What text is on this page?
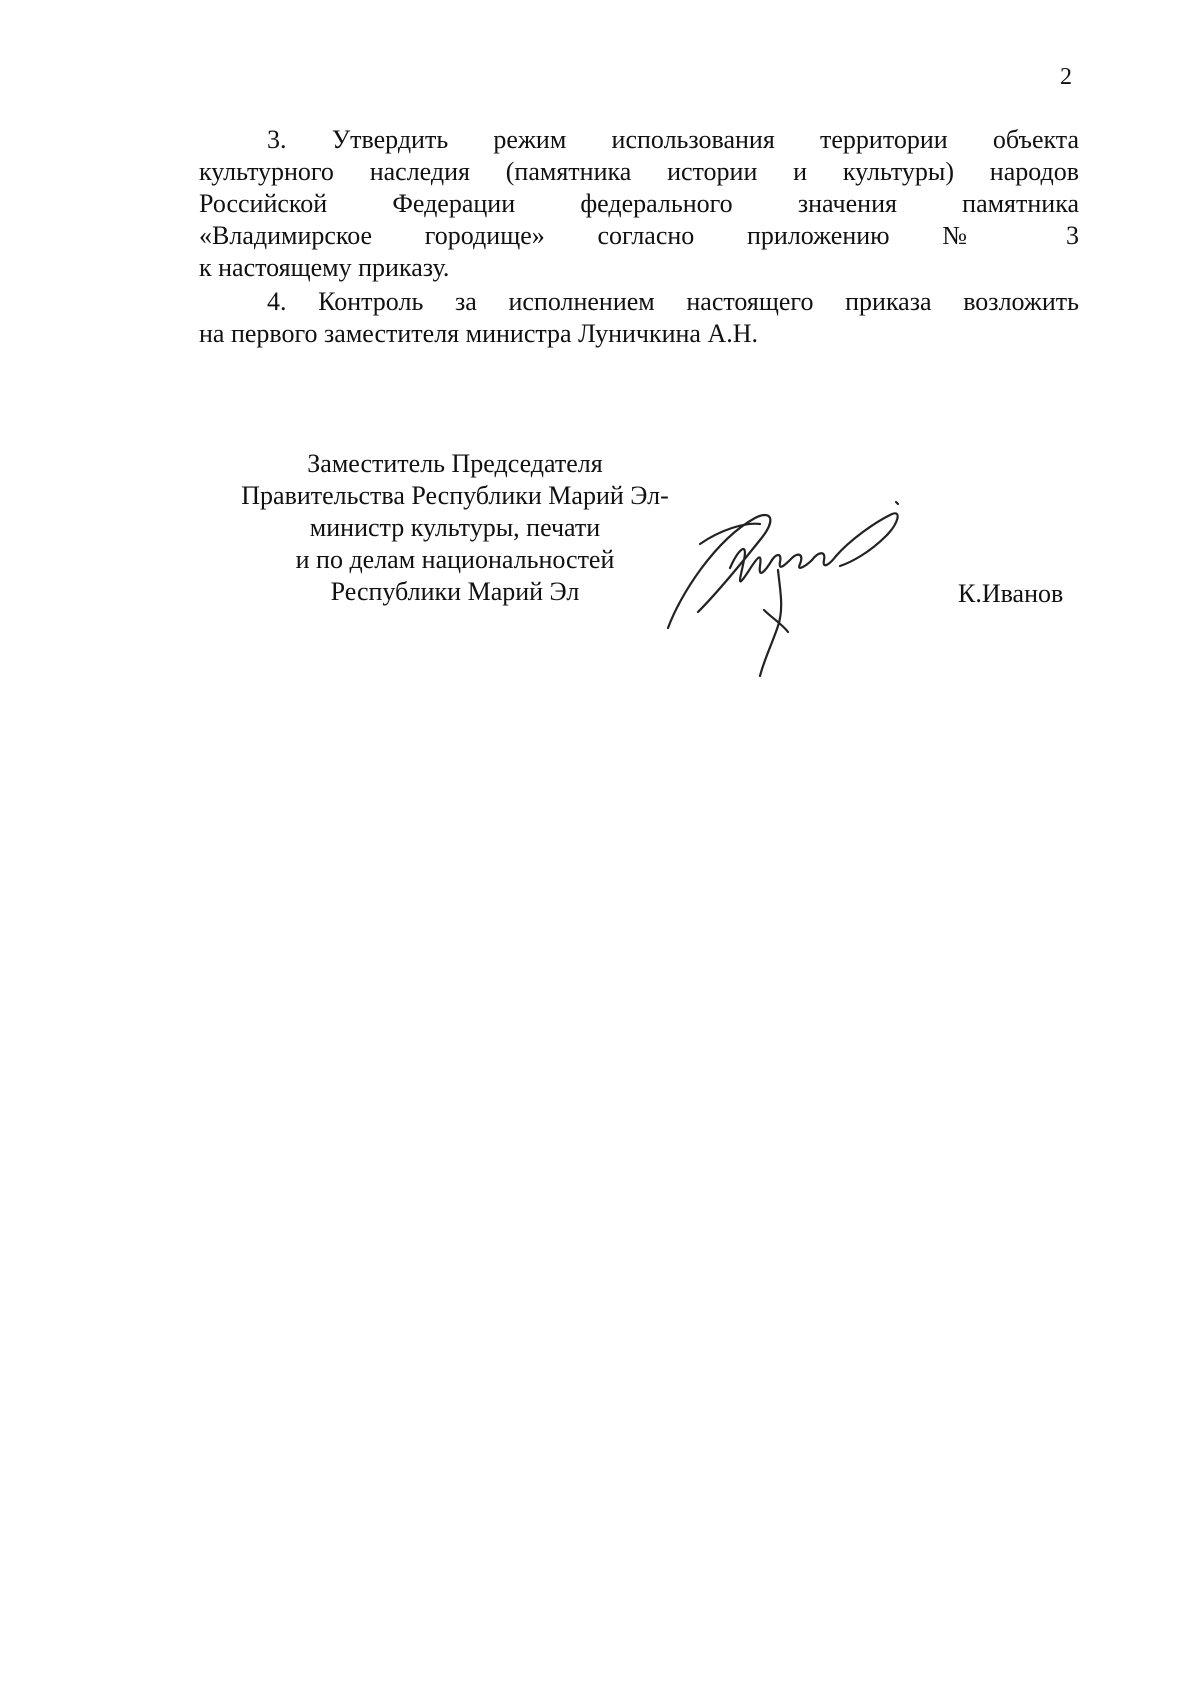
2
3. Утвердить режим использования территории объекта
культурного наследия (памятника истории и культуры) народов
Российской Федерации федерального значения памятника
«Владимирское городище» согласно приложению № 3
к настоящему приказу.
4. Контроль за исполнением настоящего приказа возложить
на первого заместителя министра Луничкина А.Н.
Заместитель Председателя
Правительства Республики Марий Эл-
министр культуры, печати
и по делам национальностей
Республики Марий Эл	К.Иванов
